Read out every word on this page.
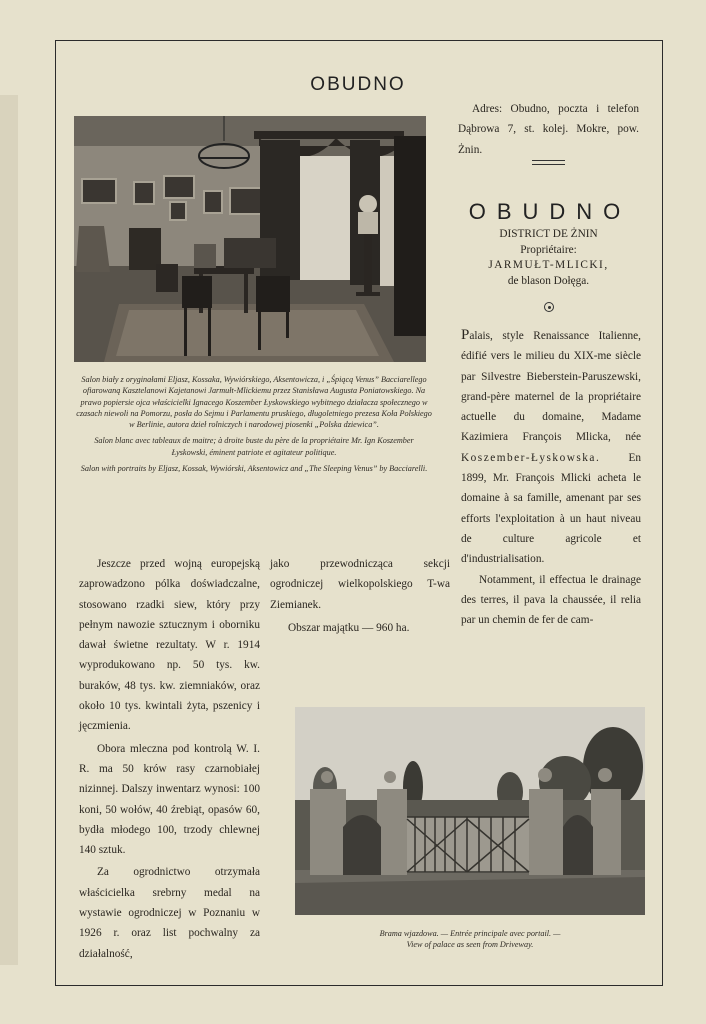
OBUDNO

Salon biały z oryginałami Eljasz, Kossaka, Wywiórskiego, Aksentowicza, i „Śpiącą Venus” Bacciarellego ofiarowaną Kasztelanowi Kajetanowi Jarmułt-Mlickiemu przez Stanisława Augusta Poniatowskiego. Na prawo popiersie ojca właścicielki Ignacego Koszember Łyskowskiego wybitnego działacza społecznego w czasach niewoli na Pomorzu, posła do Sejmu i Parlamentu pruskiego, długoletniego prezesa Koła Polskiego w Berlinie, autora dzieł rolniczych i narodowej piosenki „Polska dziewica”.

Salon blanc avec tableaux de maitre; à droite buste du père de la propriétaire Mr. Ign Koszember Łyskowski, éminent patriote et agitateur politique.

Salon with portraits by Eljasz, Kossak, Wywiórski, Aksentowicz and „The Sleeping Venus” by Bacciarelli.

Adres: Obudno, poczta i telefon Dąbrowa 7, st. kolej. Mokre, pow. Żnin.

OBUDNO
DISTRICT DE ŻNIN
Propriétaire:
JARMUŁT-MLICKI,
de blason Dołęga.

Palais, style Renaissance Italienne, édifié vers le milieu du XIX-me siècle par Silvestre Bieberstein-Paruszewski, grand-père maternel de la propriétaire actuelle du domaine, Madame Kazimiera François Mlicka, née Koszember-Łyskowska. En 1899, Mr. François Mlicki acheta le domaine à sa famille, amenant par ses efforts l'exploitation à un haut niveau de culture agricole et d'industrialisation.

Notamment, il effectua le drainage des terres, il pava la chaussée, il relia par un chemin de fer de cam-

Jeszcze przed wojną europejską zaprowadzono pólka doświadczalne, stosowano rzadki siew, który przy pełnym nawozie sztucznym i oborniku dawał świetne rezultaty. W r. 1914 wyprodukowano np. 50 tys. kw. buraków, 48 tys. kw. ziemniaków, oraz około 10 tys. kwintali żyta, pszenicy i jęczmienia.

Obora mleczna pod kontrolą W. I. R. ma 50 krów rasy czarnobiałej nizinnej. Dalszy inwentarz wynosi: 100 koni, 50 wołów, 40 źrebiąt, opasów 60, bydła młodego 100, trzody chlewnej 140 sztuk.

Za ogrodnictwo otrzymała właścicielka srebrny medal na wystawie ogrodniczej w Poznaniu w 1926 r. oraz list pochwalny za działalność,

jako przewodnicząca sekcji ogrodniczej wielkopolskiego T-wa Ziemianek.

Obszar majątku — 960 ha.

Brama wjazdowa. — Entrée principale avec portail. —
View of palace as seen from Driveway.
